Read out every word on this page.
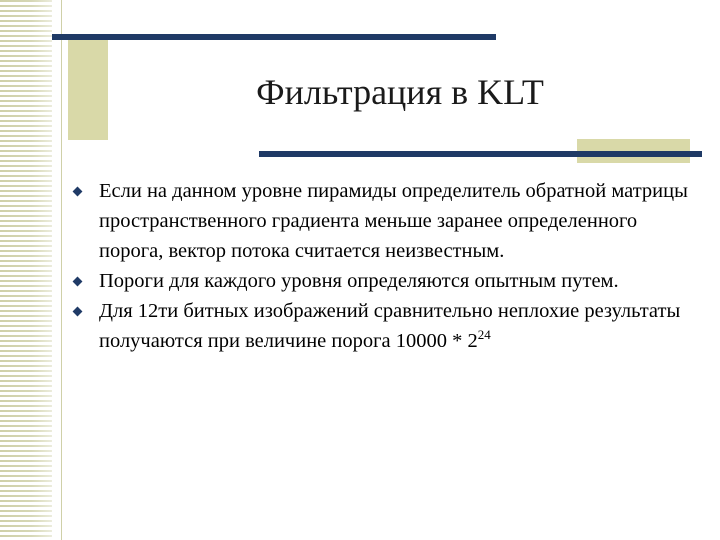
Фильтрация в KLT

Если на данном уровне пирамиды определитель обратной матрицы пространственного градиента меньше заранее определенного порога, вектор потока считается неизвестным.

Пороги для каждого уровня определяются опытным путем.

Для 12ти битных изображений сравнительно неплохие результаты получаются при величине порога $10000 * 2^{24}$
